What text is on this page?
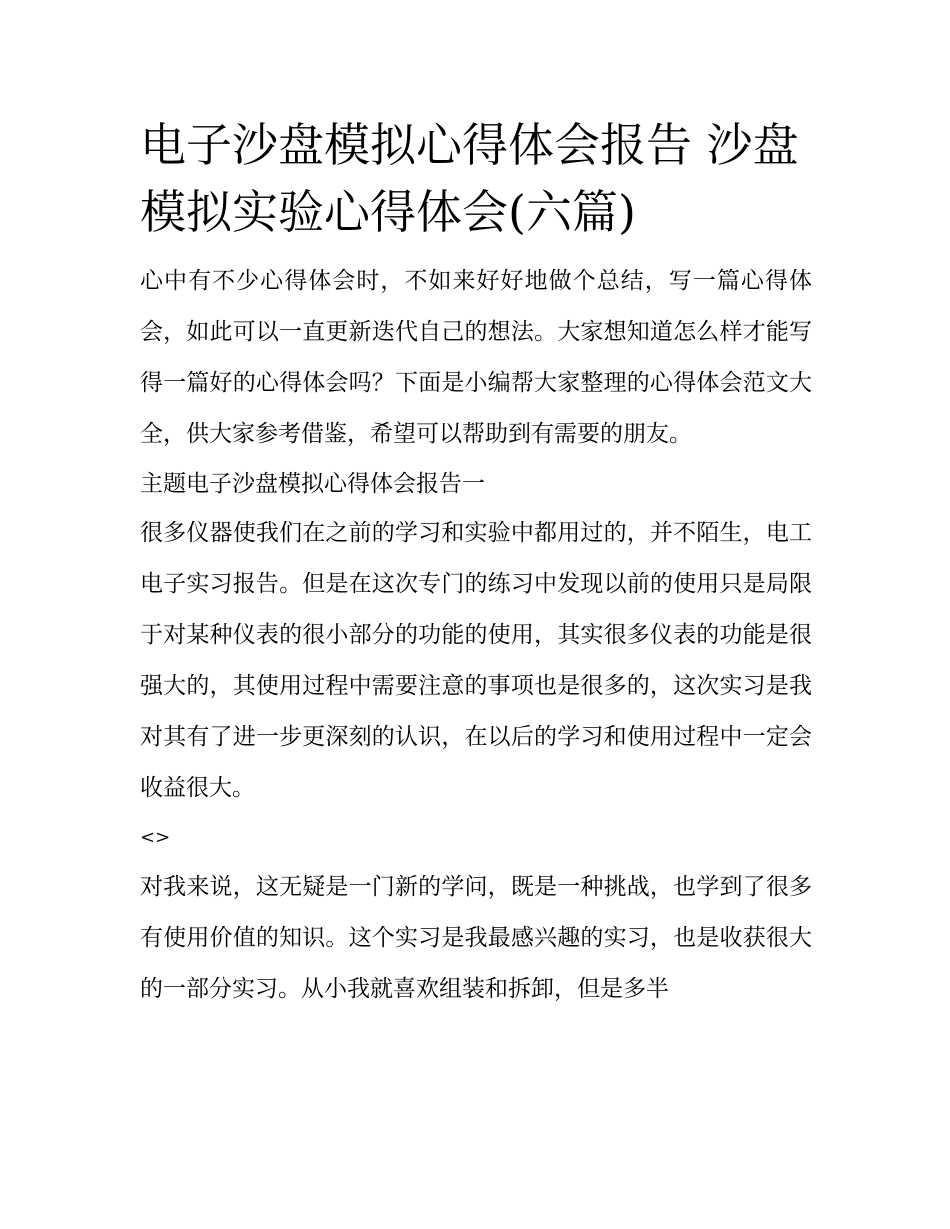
电子沙盘模拟心得体会报告 沙盘模拟实验心得体会(六篇)

心中有不少心得体会时，不如来好好地做个总结，写一篇心得体会，如此可以一直更新迭代自己的想法。大家想知道怎么样才能写得一篇好的心得体会吗？下面是小编帮大家整理的心得体会范文大全，供大家参考借鉴，希望可以帮助到有需要的朋友。

主题电子沙盘模拟心得体会报告一

很多仪器使我们在之前的学习和实验中都用过的，并不陌生，电工电子实习报告。但是在这次专门的练习中发现以前的使用只是局限于对某种仪表的很小部分的功能的使用，其实很多仪表的功能是很强大的，其使用过程中需要注意的事项也是很多的，这次实习是我对其有了进一步更深刻的认识，在以后的学习和使用过程中一定会收益很大。

<>

对我来说，这无疑是一门新的学问，既是一种挑战，也学到了很多有使用价值的知识。这个实习是我最感兴趣的实习，也是收获很大的一部分实习。从小我就喜欢组装和拆卸，但是多半
